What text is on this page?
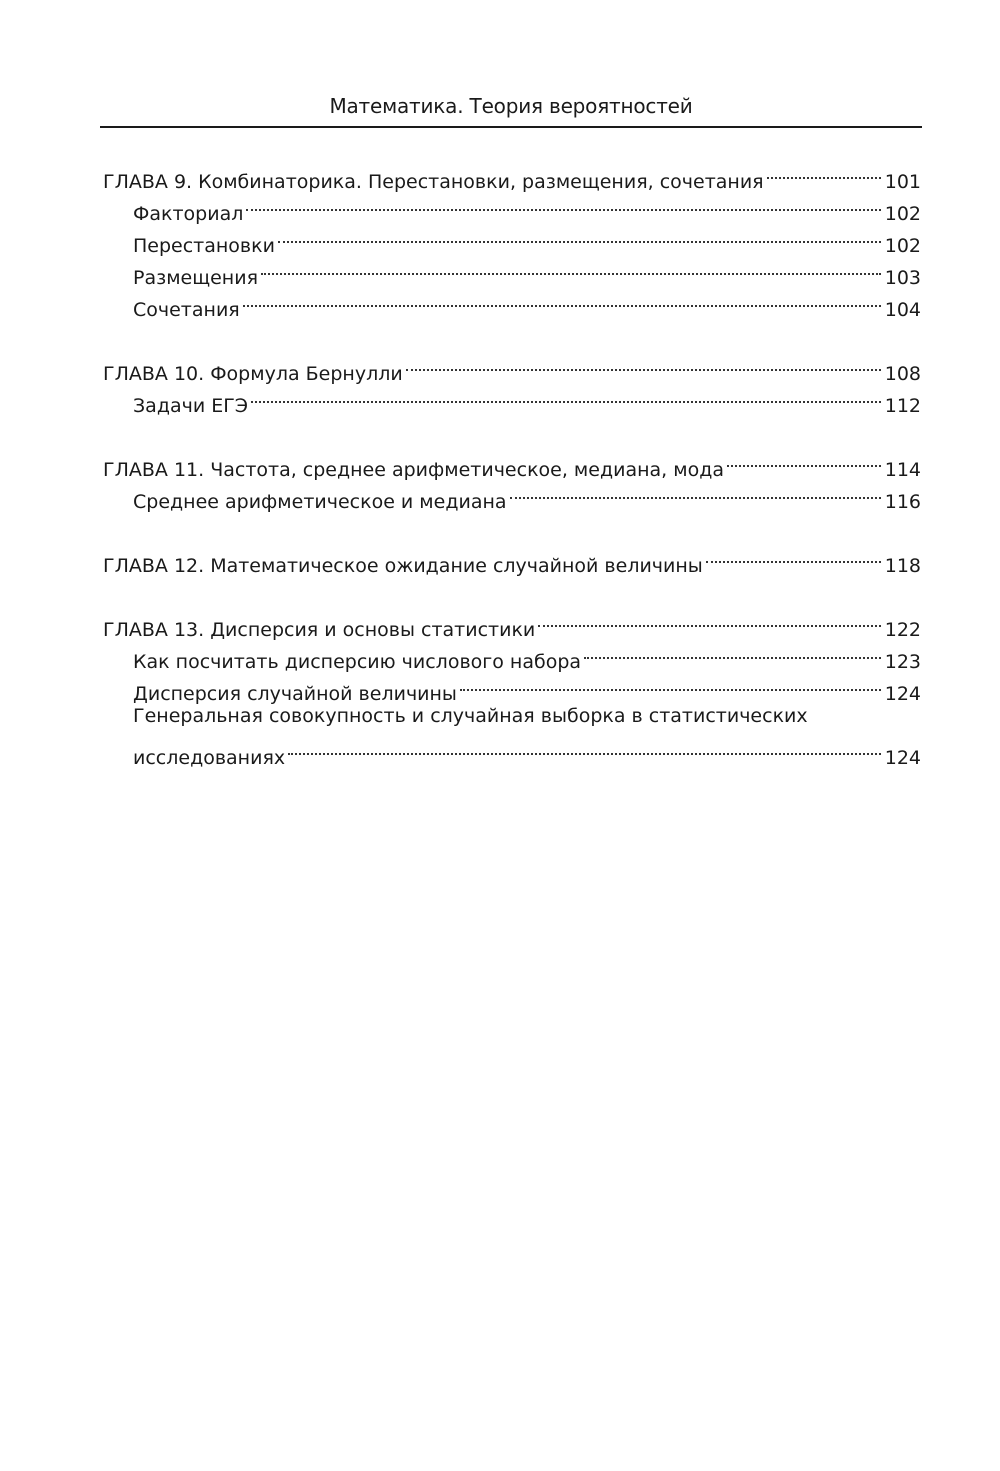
Математика. Теория вероятностей
ГЛАВА 9. Комбинаторика. Перестановки, размещения, сочетания	101
Факториал	102
Перестановки	102
Размещения	103
Сочетания	104
ГЛАВА 10. Формула Бернулли	108
Задачи ЕГЭ	112
ГЛАВА 11. Частота, среднее арифметическое, медиана, мода	114
Среднее арифметическое и медиана	116
ГЛАВА 12. Математическое ожидание случайной величины	118
ГЛАВА 13. Дисперсия и основы статистики	122
Как посчитать дисперсию числового набора	123
Дисперсия случайной величины	124
Генеральная совокупность и случайная выборка в статистических
исследованиях	124
